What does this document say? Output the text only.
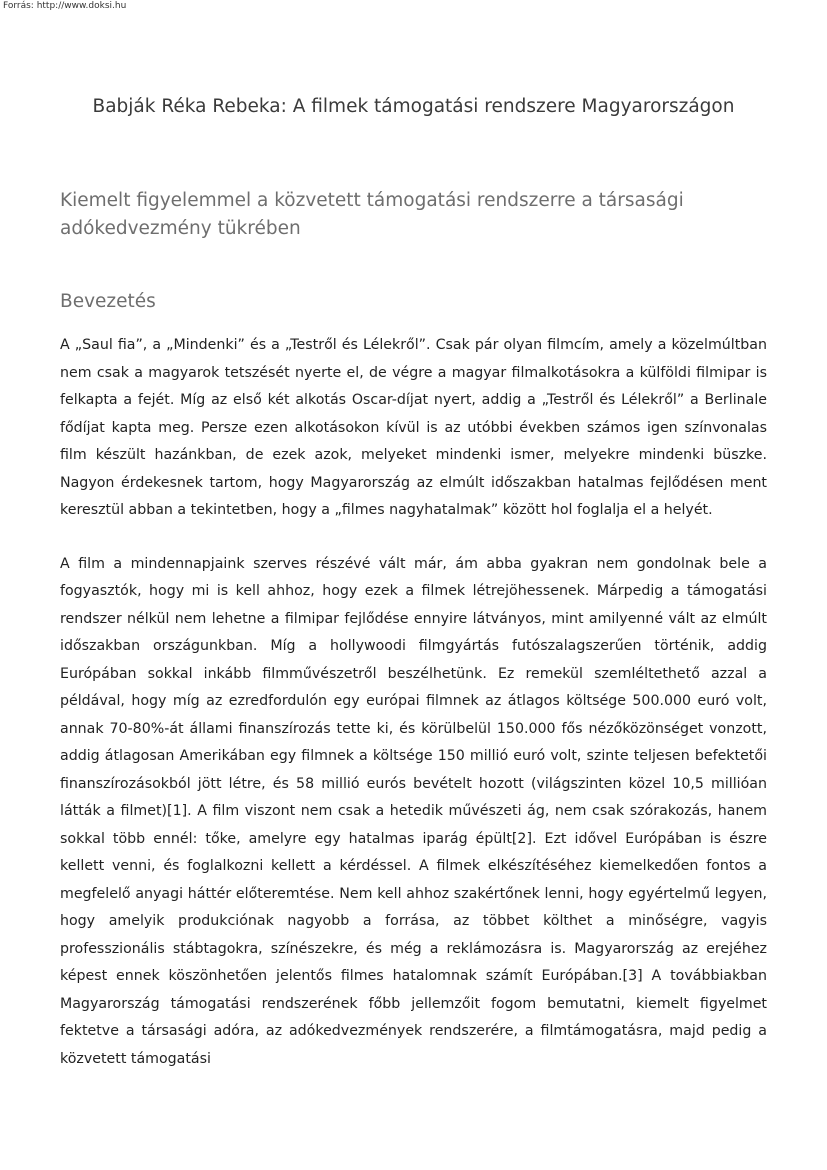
Forrás: http://www.doksi.hu
Babják Réka Rebeka: A filmek támogatási rendszere Magyarországon
Kiemelt figyelemmel a közvetett támogatási rendszerre a társasági adókedvezmény tükrében
Bevezetés

A „Saul fia”, a „Mindenki” és a „Testről és Lélekről”. Csak pár olyan filmcím, amely a közelmúltban nem csak a magyarok tetszését nyerte el, de végre a magyar filmalkotásokra a külföldi filmipar is felkapta a fejét. Míg az első két alkotás Oscar-díjat nyert, addig a „Testről és Lélekről” a Berlinale fődíjat kapta meg. Persze ezen alkotásokon kívül is az utóbbi években számos igen színvonalas film készült hazánkban, de ezek azok, melyeket mindenki ismer, melyekre mindenki büszke. Nagyon érdekesnek tartom, hogy Magyarország az elmúlt időszakban hatalmas fejlődésen ment keresztül abban a tekintetben, hogy a „filmes nagyhatalmak” között hol foglalja el a helyét.

A film a mindennapjaink szerves részévé vált már, ám abba gyakran nem gondolnak bele a fogyasztók, hogy mi is kell ahhoz, hogy ezek a filmek létrejöhessenek. Márpedig a támogatási rendszer nélkül nem lehetne a filmipar fejlődése ennyire látványos, mint amilyenné vált az elmúlt időszakban országunkban. Míg a hollywoodi filmgyártás futószalagszerűen történik, addig Európában sokkal inkább filmművészetről beszélhetünk. Ez remekül szemléltethető azzal a példával, hogy míg az ezredfordulón egy európai filmnek az átlagos költsége 500.000 euró volt, annak 70-80%-át állami finanszírozás tette ki, és körülbelül 150.000 fős nézőközönséget vonzott, addig átlagosan Amerikában egy filmnek a költsége 150 millió euró volt, szinte teljesen befektetői finanszírozásokból jött létre, és 58 millió eurós bevételt hozott (világszinten közel 10,5 millióan látták a filmet)[1]. A film viszont nem csak a hetedik művészeti ág, nem csak szórakozás, hanem sokkal több ennél: tőke, amelyre egy hatalmas iparág épült[2]. Ezt idővel Európában is észre kellett venni, és foglalkozni kellett a kérdéssel. A filmek elkészítéséhez kiemelkedően fontos a megfelelő anyagi háttér előteremtése. Nem kell ahhoz szakértőnek lenni, hogy egyértelmű legyen, hogy amelyik produkciónak nagyobb a forrása, az többet költhet a minőségre, vagyis professzionális stábtagokra, színészekre, és még a reklámozásra is. Magyarország az erejéhez képest ennek köszönhetően jelentős filmes hatalomnak számít Európában.[3] A továbbiakban Magyarország támogatási rendszerének főbb jellemzőit fogom bemutatni, kiemelt figyelmet fektetve a társasági adóra, az adókedvezmények rendszerére, a filmtámogatásra, majd pedig a közvetett támogatási
